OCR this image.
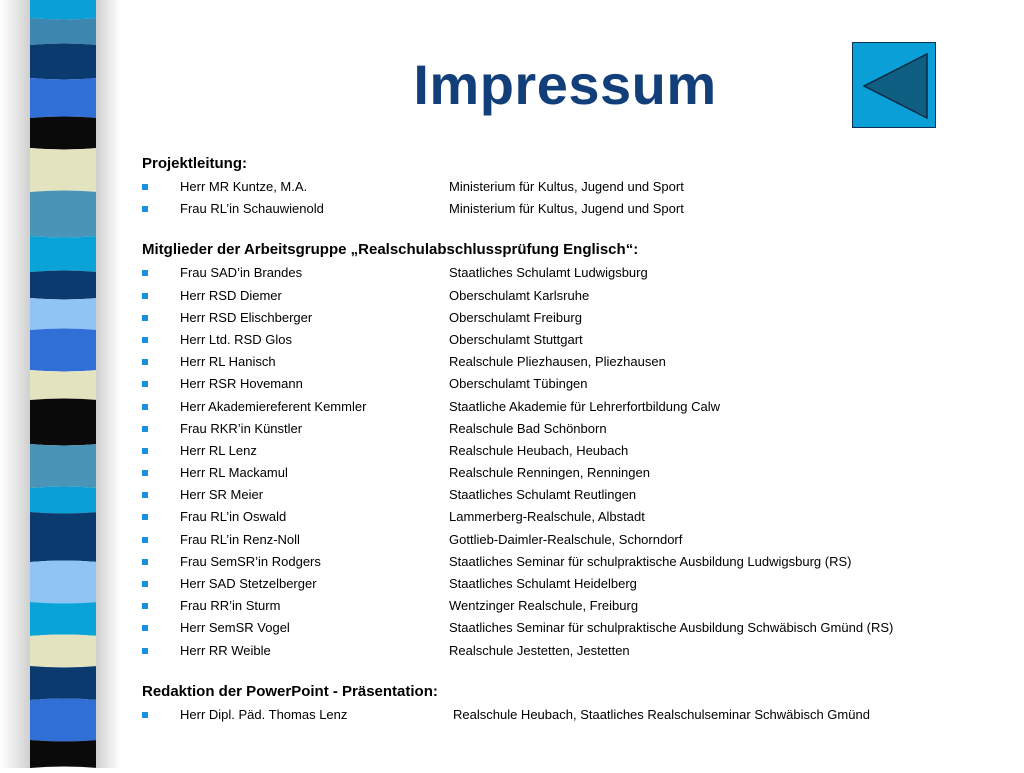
Impressum
Projektleitung:
Herr MR Kuntze, M.A.	Ministerium für Kultus, Jugend und Sport
Frau RL’in Schauwienold	Ministerium für Kultus, Jugend und Sport
Mitglieder der Arbeitsgruppe „Realschulabschlussprüfung Englisch“:
Frau SAD’in Brandes	Staatliches Schulamt Ludwigsburg
Herr RSD Diemer	Oberschulamt Karlsruhe
Herr RSD Elischberger	Oberschulamt Freiburg
Herr Ltd. RSD Glos	Oberschulamt Stuttgart
Herr RL Hanisch	Realschule Pliezhausen, Pliezhausen
Herr RSR Hovemann	Oberschulamt Tübingen
Herr Akademiereferent Kemmler	Staatliche Akademie für Lehrerfortbildung Calw
Frau RKR’in Künstler	Realschule Bad Schönborn
Herr RL Lenz	Realschule Heubach, Heubach
Herr RL Mackamul	Realschule Renningen, Renningen
Herr SR Meier	Staatliches Schulamt Reutlingen
Frau RL’in Oswald	Lammerberg-Realschule, Albstadt
Frau RL’in Renz-Noll	Gottlieb-Daimler-Realschule, Schorndorf
Frau SemSR’in Rodgers	Staatliches Seminar für schulpraktische Ausbildung Ludwigsburg (RS)
Herr SAD Stetzelberger	Staatliches Schulamt Heidelberg
Frau RR’in Sturm	Wentzinger Realschule, Freiburg
Herr SemSR Vogel	Staatliches Seminar für schulpraktische Ausbildung Schwäbisch Gmünd (RS)
Herr RR Weible	Realschule Jestetten, Jestetten
Redaktion der PowerPoint - Präsentation:
Herr Dipl. Päd. Thomas Lenz	Realschule Heubach, Staatliches Realschulseminar Schwäbisch Gmünd
